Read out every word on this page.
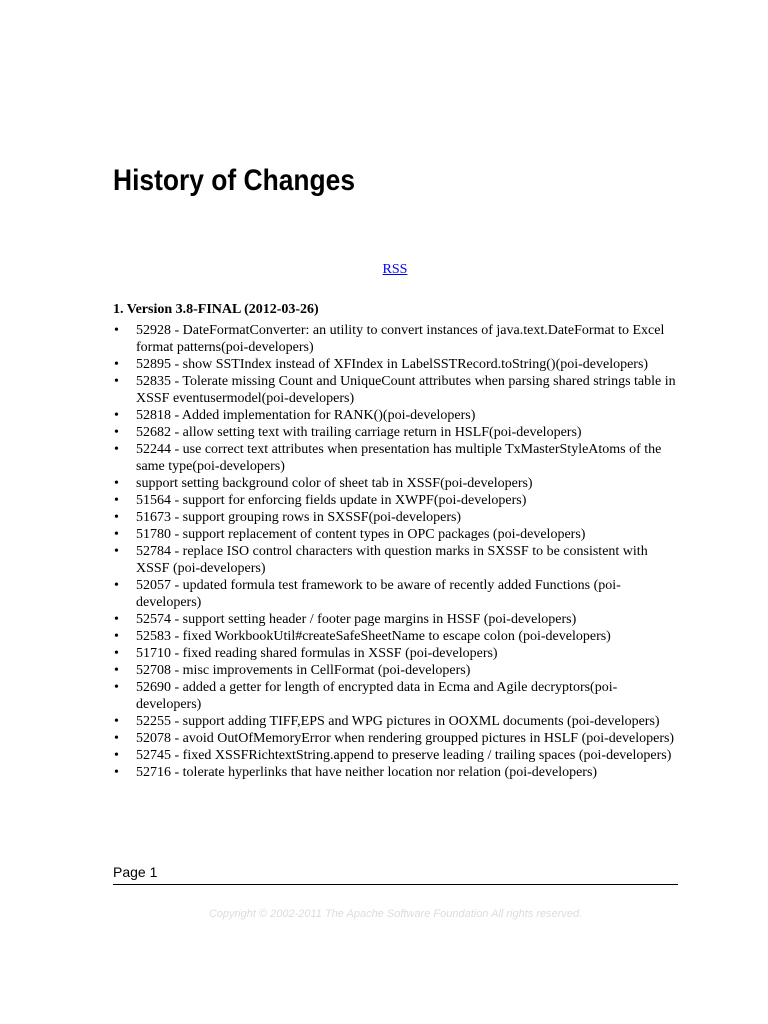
History of Changes
RSS
1. Version 3.8-FINAL (2012-03-26)
• 52928 - DateFormatConverter: an utility to convert instances of java.text.DateFormat to Excel format patterns(poi-developers)
• 52895 - show SSTIndex instead of XFIndex in LabelSSTRecord.toString()(poi-developers)
• 52835 - Tolerate missing Count and UniqueCount attributes when parsing shared strings table in XSSF eventusermodel(poi-developers)
• 52818 - Added implementation for RANK()(poi-developers)
• 52682 - allow setting text with trailing carriage return in HSLF(poi-developers)
• 52244 - use correct text attributes when presentation has multiple TxMasterStyleAtoms of the same type(poi-developers)
• support setting background color of sheet tab in XSSF(poi-developers)
• 51564 - support for enforcing fields update in XWPF(poi-developers)
• 51673 - support grouping rows in SXSSF(poi-developers)
• 51780 - support replacement of content types in OPC packages (poi-developers)
• 52784 - replace ISO control characters with question marks in SXSSF to be consistent with XSSF (poi-developers)
• 52057 - updated formula test framework to be aware of recently added Functions (poi-developers)
• 52574 - support setting header / footer page margins in HSSF (poi-developers)
• 52583 - fixed WorkbookUtil#createSafeSheetName to escape colon (poi-developers)
• 51710 - fixed reading shared formulas in XSSF (poi-developers)
• 52708 - misc improvements in CellFormat (poi-developers)
• 52690 - added a getter for length of encrypted data in Ecma and Agile decryptors(poi-developers)
• 52255 - support adding TIFF,EPS and WPG pictures in OOXML documents (poi-developers)
• 52078 - avoid OutOfMemoryError when rendering groupped pictures in HSLF (poi-developers)
• 52745 - fixed XSSFRichtextString.append to preserve leading / trailing spaces (poi-developers)
• 52716 - tolerate hyperlinks that have neither location nor relation (poi-developers)
Page 1
Copyright © 2002-2011 The Apache Software Foundation All rights reserved.
